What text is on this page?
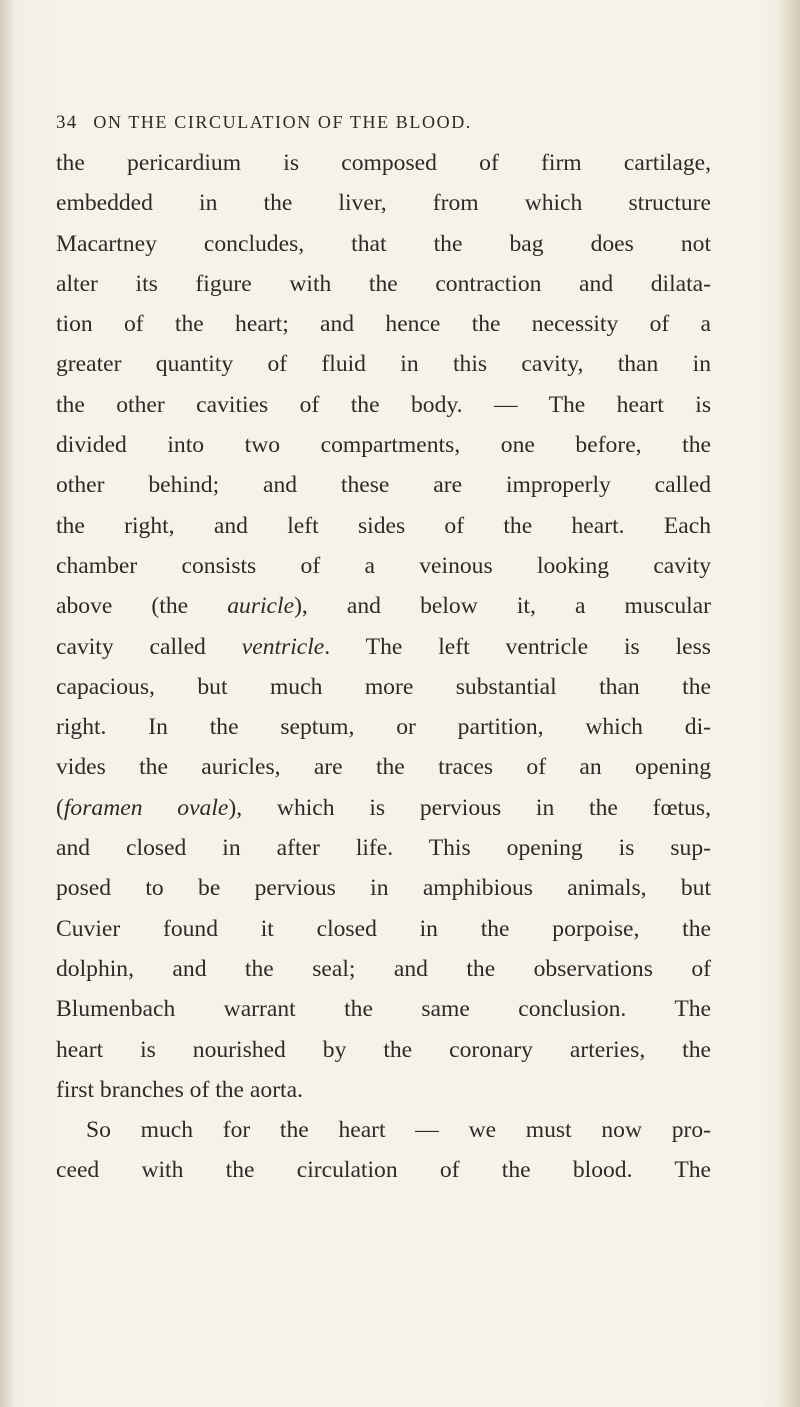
34 ON THE CIRCULATION OF THE BLOOD.
the pericardium is composed of firm cartilage,
embedded in the liver, from which structure
Macartney concludes, that the bag does not
alter its figure with the contraction and dilata-
tion of the heart; and hence the necessity of a
greater quantity of fluid in this cavity, than in
the other cavities of the body. — The heart is
divided into two compartments, one before, the
other behind; and these are improperly called
the right, and left sides of the heart. Each
chamber consists of a veinous looking cavity
above (the auricle), and below it, a muscular
cavity called ventricle. The left ventricle is less
capacious, but much more substantial than the
right. In the septum, or partition, which di-
vides the auricles, are the traces of an opening
(foramen ovale), which is pervious in the fœtus,
and closed in after life. This opening is sup-
posed to be pervious in amphibious animals, but
Cuvier found it closed in the porpoise, the
dolphin, and the seal; and the observations of
Blumenbach warrant the same conclusion. The
heart is nourished by the coronary arteries, the
first branches of the aorta.
So much for the heart — we must now pro-
ceed with the circulation of the blood. The
